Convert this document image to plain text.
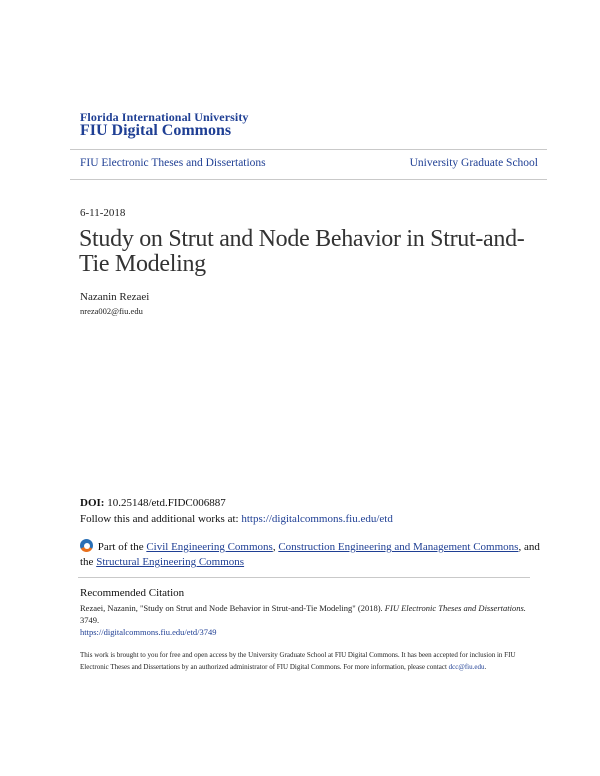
Florida International University
FIU Digital Commons
FIU Electronic Theses and Dissertations	University Graduate School
6-11-2018
Study on Strut and Node Behavior in Strut-and-Tie Modeling
Nazanin Rezaei
nreza002@fiu.edu
DOI: 10.25148/etd.FIDC006887
Follow this and additional works at: https://digitalcommons.fiu.edu/etd
Part of the Civil Engineering Commons, Construction Engineering and Management Commons, and the Structural Engineering Commons
Recommended Citation
Rezaei, Nazanin, "Study on Strut and Node Behavior in Strut-and-Tie Modeling" (2018). FIU Electronic Theses and Dissertations. 3749.
https://digitalcommons.fiu.edu/etd/3749
This work is brought to you for free and open access by the University Graduate School at FIU Digital Commons. It has been accepted for inclusion in FIU Electronic Theses and Dissertations by an authorized administrator of FIU Digital Commons. For more information, please contact dcc@fiu.edu.
